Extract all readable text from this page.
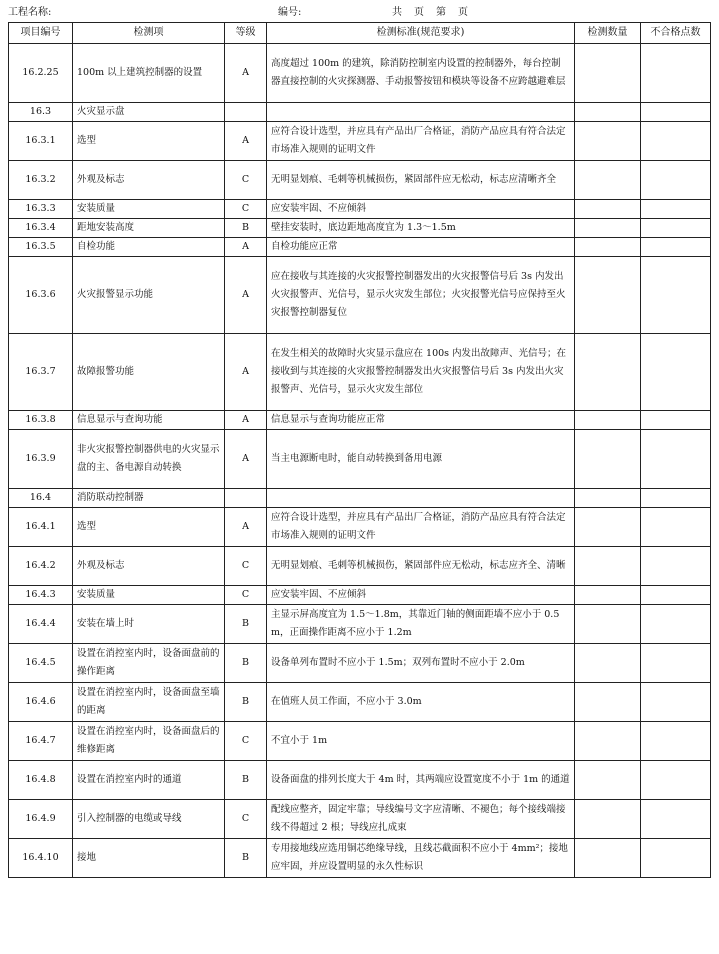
工程名称:	编号:	共　页　第　页
项目编号	检测项	等级	检测标准(规范要求)	检测数量	不合格点数
16.2.25	100m 以上建筑控制器的设置	A	高度超过 100m 的建筑，除消防控制室内设置的控制器外，每台控制器直接控制的火灾探测器、手动报警按钮和模块等设备不应跨越避难层		
16.3	火灾显示盘				
16.3.1	选型	A	应符合设计选型，并应具有产品出厂合格证，消防产品应具有符合法定市场准入规则的证明文件		
16.3.2	外观及标志	C	无明显划痕、毛刺等机械损伤，紧固部件应无松动，标志应清晰齐全		
16.3.3	安装质量	C	应安装牢固、不应倾斜		
16.3.4	距地安装高度	B	壁挂安装时，底边距地高度宜为 1.3～1.5m		
16.3.5	自检功能	A	自检功能应正常		
16.3.6	火灾报警显示功能	A	应在接收与其连接的火灾报警控制器发出的火灾报警信号后 3s 内发出火灾报警声、光信号，显示火灾发生部位；火灾报警光信号应保持至火灾报警控制器复位		
16.3.7	故障报警功能	A	在发生相关的故障时火灾显示盘应在 100s 内发出故障声、光信号；在接收到与其连接的火灾报警控制器发出火灾报警信号后 3s 内发出火灾报警声、光信号，显示火灾发生部位		
16.3.8	信息显示与查询功能	A	信息显示与查询功能应正常		
16.3.9	非火灾报警控制器供电的火灾显示盘的主、备电源自动转换	A	当主电源断电时，能自动转换到备用电源		
16.4	消防联动控制器				
16.4.1	选型	A	应符合设计选型，并应具有产品出厂合格证，消防产品应具有符合法定市场准入规则的证明文件		
16.4.2	外观及标志	C	无明显划痕、毛刺等机械损伤，紧固部件应无松动，标志应齐全、清晰		
16.4.3	安装质量	C	应安装牢固、不应倾斜		
16.4.4	安装在墙上时	B	主显示屏高度宜为 1.5～1.8m，其靠近门轴的侧面距墙不应小于 0.5m，正面操作距离不应小于 1.2m		
16.4.5	设置在消控室内时，设备面盘前的操作距离	B	设备单列布置时不应小于 1.5m；双列布置时不应小于 2.0m		
16.4.6	设置在消控室内时，设备面盘至墙的距离	B	在值班人员工作面，不应小于 3.0m		
16.4.7	设置在消控室内时，设备面盘后的维修距离	C	不宜小于 1m		
16.4.8	设置在消控室内时的通道	B	设备面盘的排列长度大于 4m 时，其两端应设置宽度不小于 1m 的通道		
16.4.9	引入控制器的电缆或导线	C	配线应整齐，固定牢靠；导线编号文字应清晰、不褪色；每个接线端接线不得超过 2 根；导线应扎成束		
16.4.10	接地	B	专用接地线应选用铜芯绝缘导线，且线芯截面积不应小于 4mm²；接地应牢固，并应设置明显的永久性标识		
